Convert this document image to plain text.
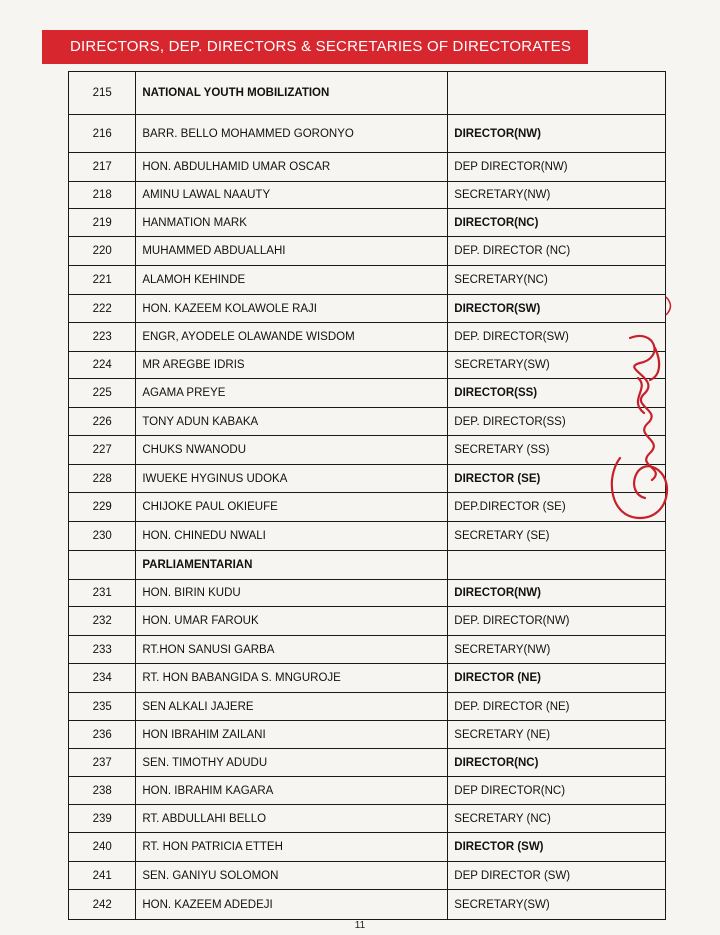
DIRECTORS, DEP. DIRECTORS & SECRETARIES OF DIRECTORATES
215	NATIONAL YOUTH MOBILIZATION	
216	BARR. BELLO MOHAMMED GORONYO	DIRECTOR(NW)
217	HON. ABDULHAMID UMAR OSCAR	DEP DIRECTOR(NW)
218	AMINU LAWAL NAAUTY	SECRETARY(NW)
219	HANMATION MARK	DIRECTOR(NC)
220	MUHAMMED ABDUALLAHI	DEP. DIRECTOR (NC)
221	ALAMOH KEHINDE	SECRETARY(NC)
222	HON. KAZEEM KOLAWOLE RAJI	DIRECTOR(SW)
223	ENGR, AYODELE OLAWANDE WISDOM	DEP. DIRECTOR(SW)
224	MR AREGBE IDRIS	SECRETARY(SW)
225	AGAMA PREYE	DIRECTOR(SS)
226	TONY ADUN KABAKA	DEP. DIRECTOR(SS)
227	CHUKS NWANODU	SECRETARY (SS)
228	IWUEKE HYGINUS UDOKA	DIRECTOR (SE)
229	CHIJOKE PAUL OKIEUFE	DEP.DIRECTOR (SE)
230	HON. CHINEDU NWALI	SECRETARY (SE)
	PARLIAMENTARIAN	
231	HON. BIRIN KUDU	DIRECTOR(NW)
232	HON. UMAR FAROUK	DEP. DIRECTOR(NW)
233	RT.HON SANUSI GARBA	SECRETARY(NW)
234	RT. HON BABANGIDA S. MNGUROJE	DIRECTOR (NE)
235	SEN ALKALI JAJERE	DEP. DIRECTOR (NE)
236	HON IBRAHIM ZAILANI	SECRETARY (NE)
237	SEN. TIMOTHY ADUDU	DIRECTOR(NC)
238	HON. IBRAHIM KAGARA	DEP DIRECTOR(NC)
239	RT. ABDULLAHI BELLO	SECRETARY (NC)
240	RT. HON PATRICIA ETTEH	DIRECTOR (SW)
241	SEN. GANIYU SOLOMON	DEP DIRECTOR (SW)
242	HON. KAZEEM ADEDEJI	SECRETARY(SW)
11
